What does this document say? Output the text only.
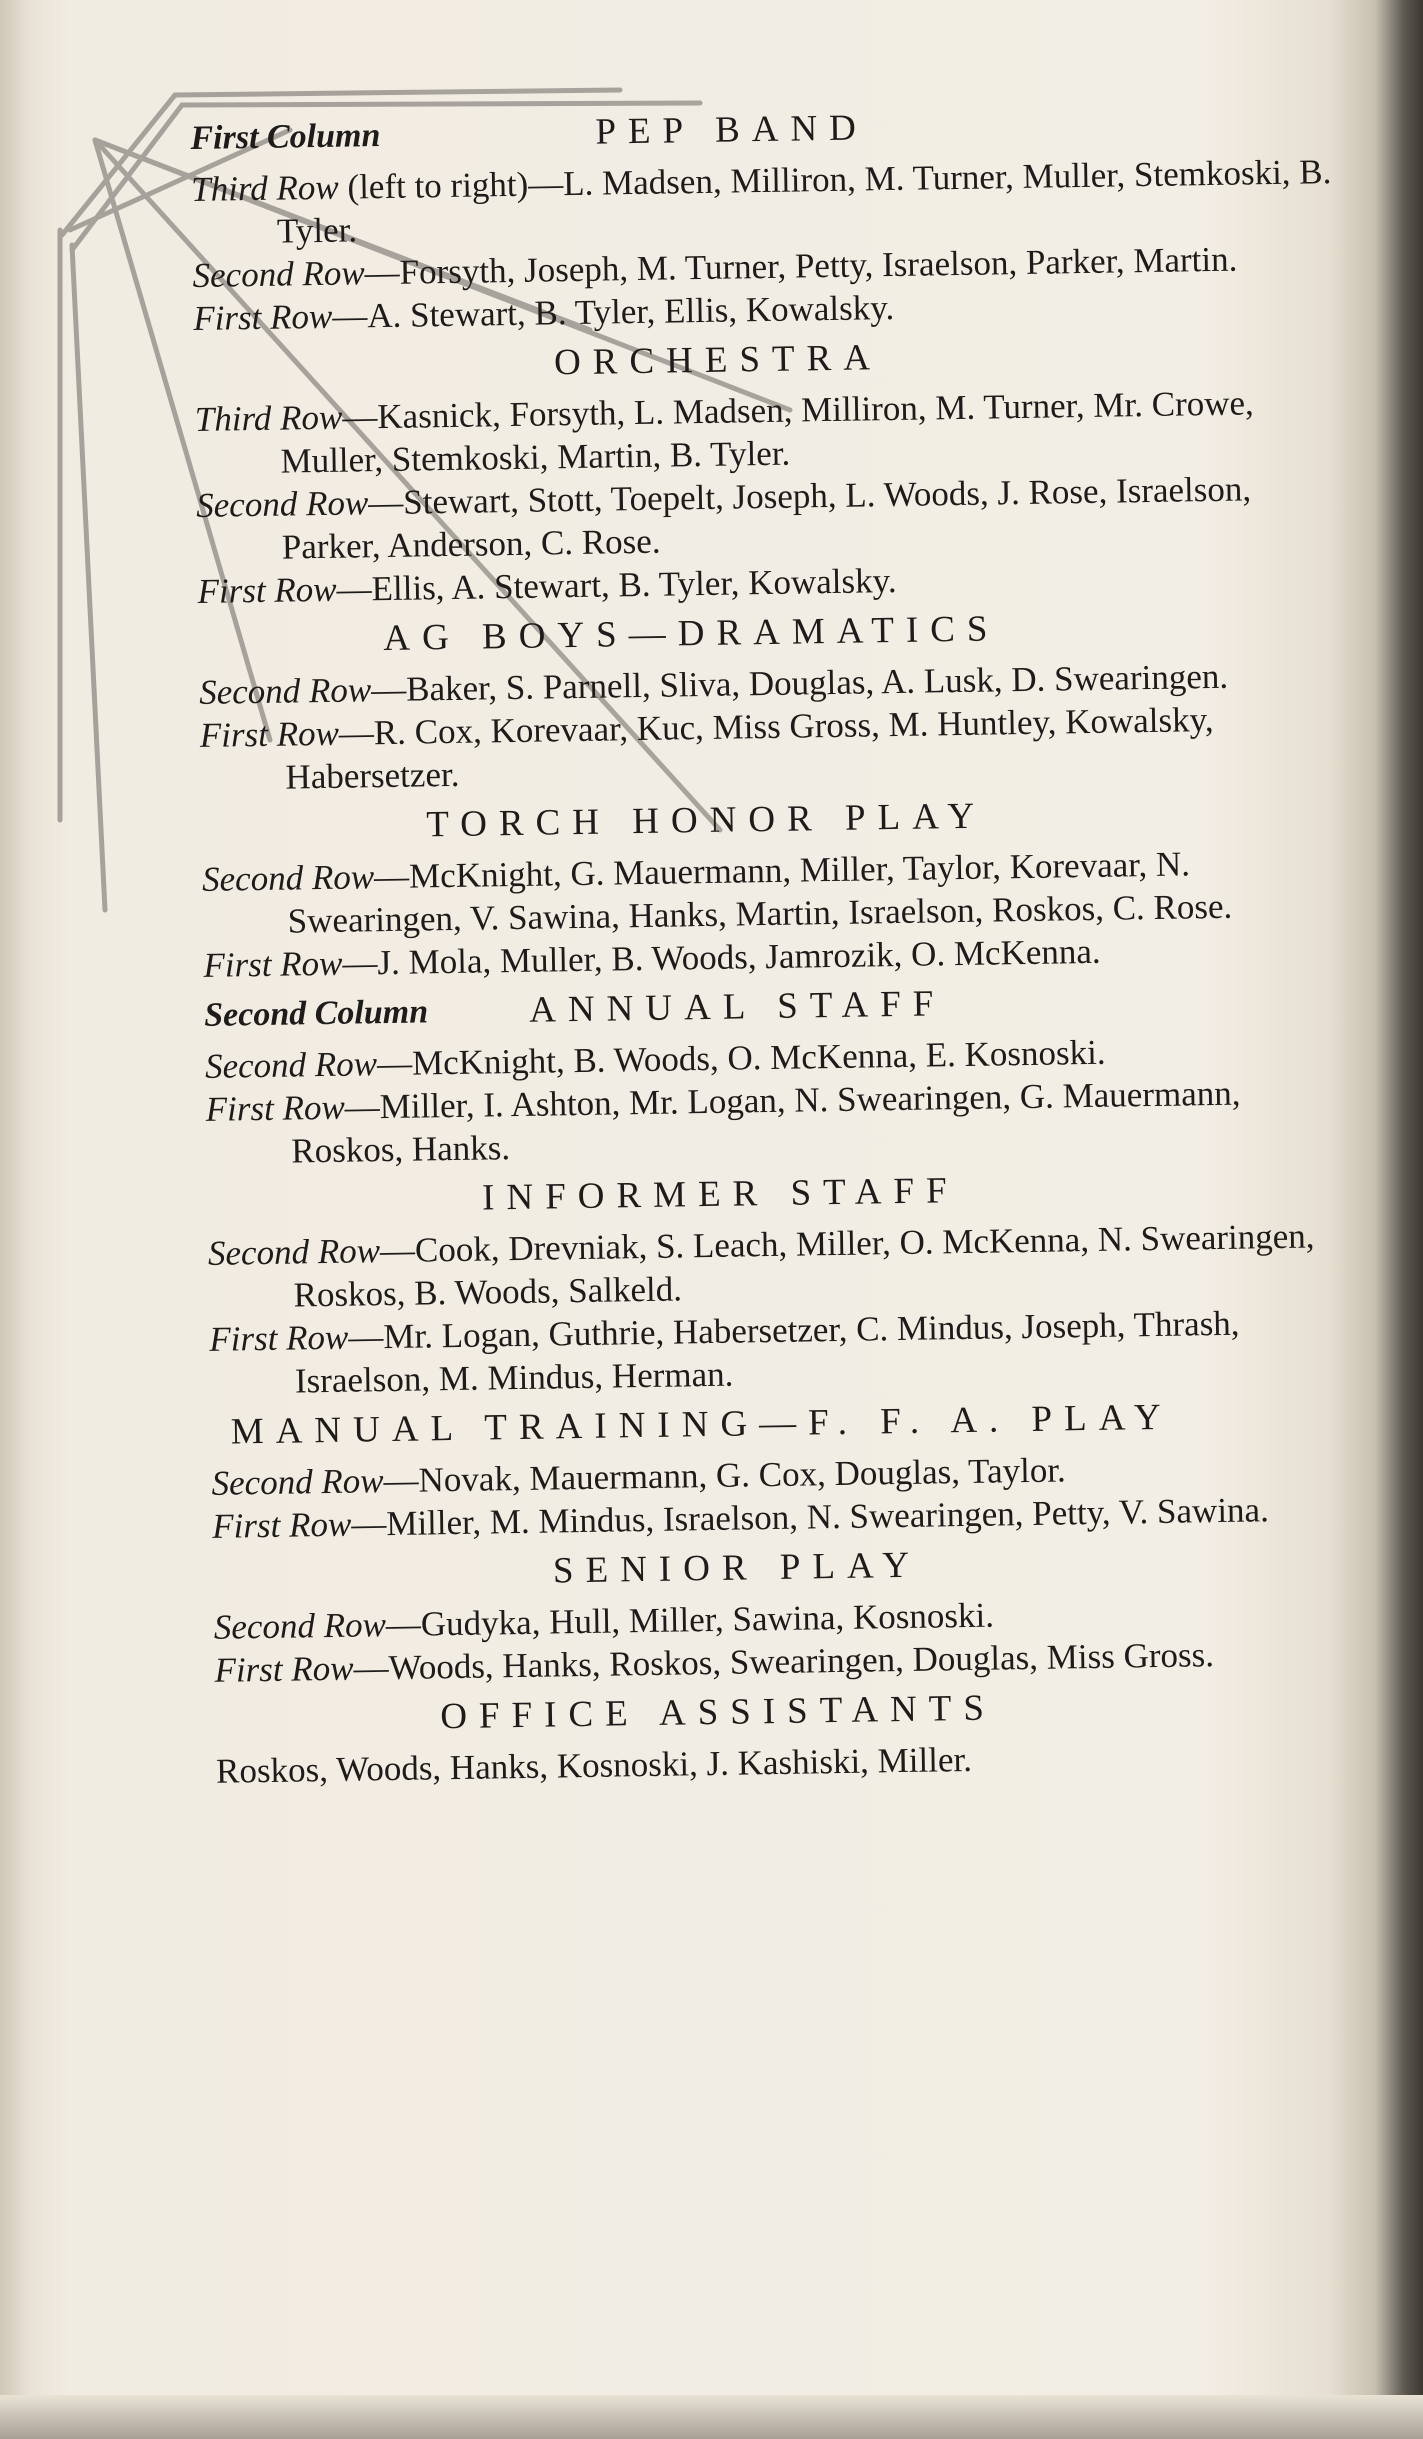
First Column	PEP BAND

Third Row (left to right)—L. Madsen, Milliron, M. Turner, Muller, Stemkoski, B. Tyler.

Second Row—Forsyth, Joseph, M. Turner, Petty, Israelson, Parker, Martin.

First Row—A. Stewart, B. Tyler, Ellis, Kowalsky.

ORCHESTRA

Third Row—Kasnick, Forsyth, L. Madsen, Milliron, M. Turner, Mr. Crowe, Muller, Stemkoski, Martin, B. Tyler.

Second Row—Stewart, Stott, Toepelt, Joseph, L. Woods, J. Rose, Israelson, Parker, Anderson, C. Rose.

First Row—Ellis, A. Stewart, B. Tyler, Kowalsky.

AG BOYS—DRAMATICS

Second Row—Baker, S. Parnell, Sliva, Douglas, A. Lusk, D. Swearingen.

First Row—R. Cox, Korevaar, Kuc, Miss Gross, M. Huntley, Kowalsky, Habersetzer.

TORCH HONOR PLAY

Second Row—McKnight, G. Mauermann, Miller, Taylor, Korevaar, N. Swearingen, V. Sawina, Hanks, Martin, Israelson, Roskos, C. Rose.

First Row—J. Mola, Muller, B. Woods, Jamrozik, O. McKenna.

Second Column	ANNUAL STAFF

Second Row—McKnight, B. Woods, O. McKenna, E. Kosnoski.

First Row—Miller, I. Ashton, Mr. Logan, N. Swearingen, G. Mauermann, Roskos, Hanks.

INFORMER STAFF

Second Row—Cook, Drevniak, S. Leach, Miller, O. McKenna, N. Swearingen, Roskos, B. Woods, Salkeld.

First Row—Mr. Logan, Guthrie, Habersetzer, C. Mindus, Joseph, Thrash, Israelson, M. Mindus, Herman.

MANUAL TRAINING—F. F. A. PLAY

Second Row—Novak, Mauermann, G. Cox, Douglas, Taylor.

First Row—Miller, M. Mindus, Israelson, N. Swearingen, Petty, V. Sawina.

SENIOR PLAY

Second Row—Gudyka, Hull, Miller, Sawina, Kosnoski.

First Row—Woods, Hanks, Roskos, Swearingen, Douglas, Miss Gross.

OFFICE ASSISTANTS

Roskos, Woods, Hanks, Kosnoski, J. Kashiski, Miller.
